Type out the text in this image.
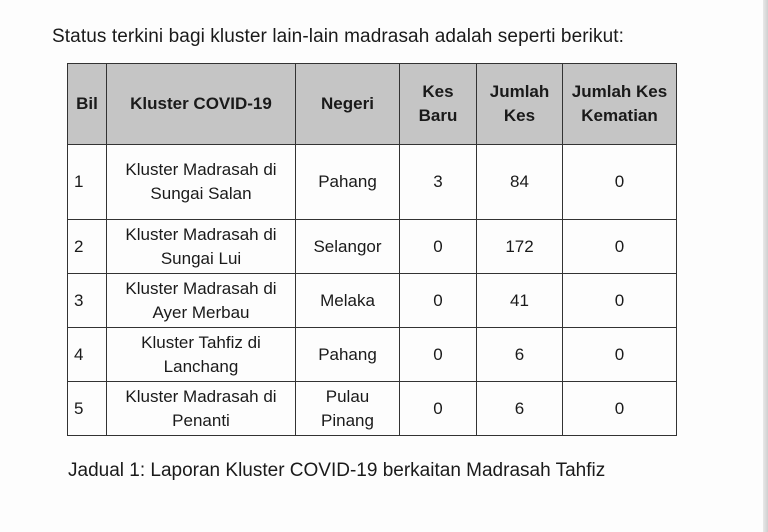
Status terkini bagi kluster lain-lain madrasah adalah seperti berikut:
Bil	Kluster COVID-19	Negeri	Kes Baru	Jumlah Kes	Jumlah Kes Kematian
1	Kluster Madrasah di Sungai Salan	Pahang	3	84	0
2	Kluster Madrasah di Sungai Lui	Selangor	0	172	0
3	Kluster Madrasah di Ayer Merbau	Melaka	0	41	0
4	Kluster Tahfiz di Lanchang	Pahang	0	6	0
5	Kluster Madrasah di Penanti	Pulau Pinang	0	6	0
Jadual 1: Laporan Kluster COVID-19 berkaitan Madrasah Tahfiz
